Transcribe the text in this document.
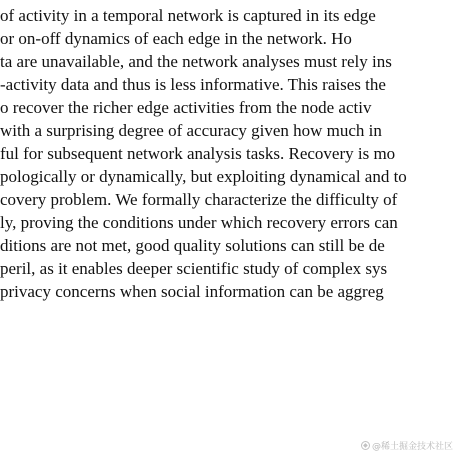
of activity in a temporal network is captured in its edge
or on-off dynamics of each edge in the network. Ho
ta are unavailable, and the network analyses must rely ins
-activity data and thus is less informative. This raises the
o recover the richer edge activities from the node activ
with a surprising degree of accuracy given how much in
ful for subsequent network analysis tasks. Recovery is mo
pologically or dynamically, but exploiting dynamical and to
covery problem. We formally characterize the difficulty of
ly, proving the conditions under which recovery errors can
ditions are not met, good quality solutions can still be de
peril, as it enables deeper scientific study of complex sys
privacy concerns when social information can be aggreg
◆ @稀土掘金技术社区
